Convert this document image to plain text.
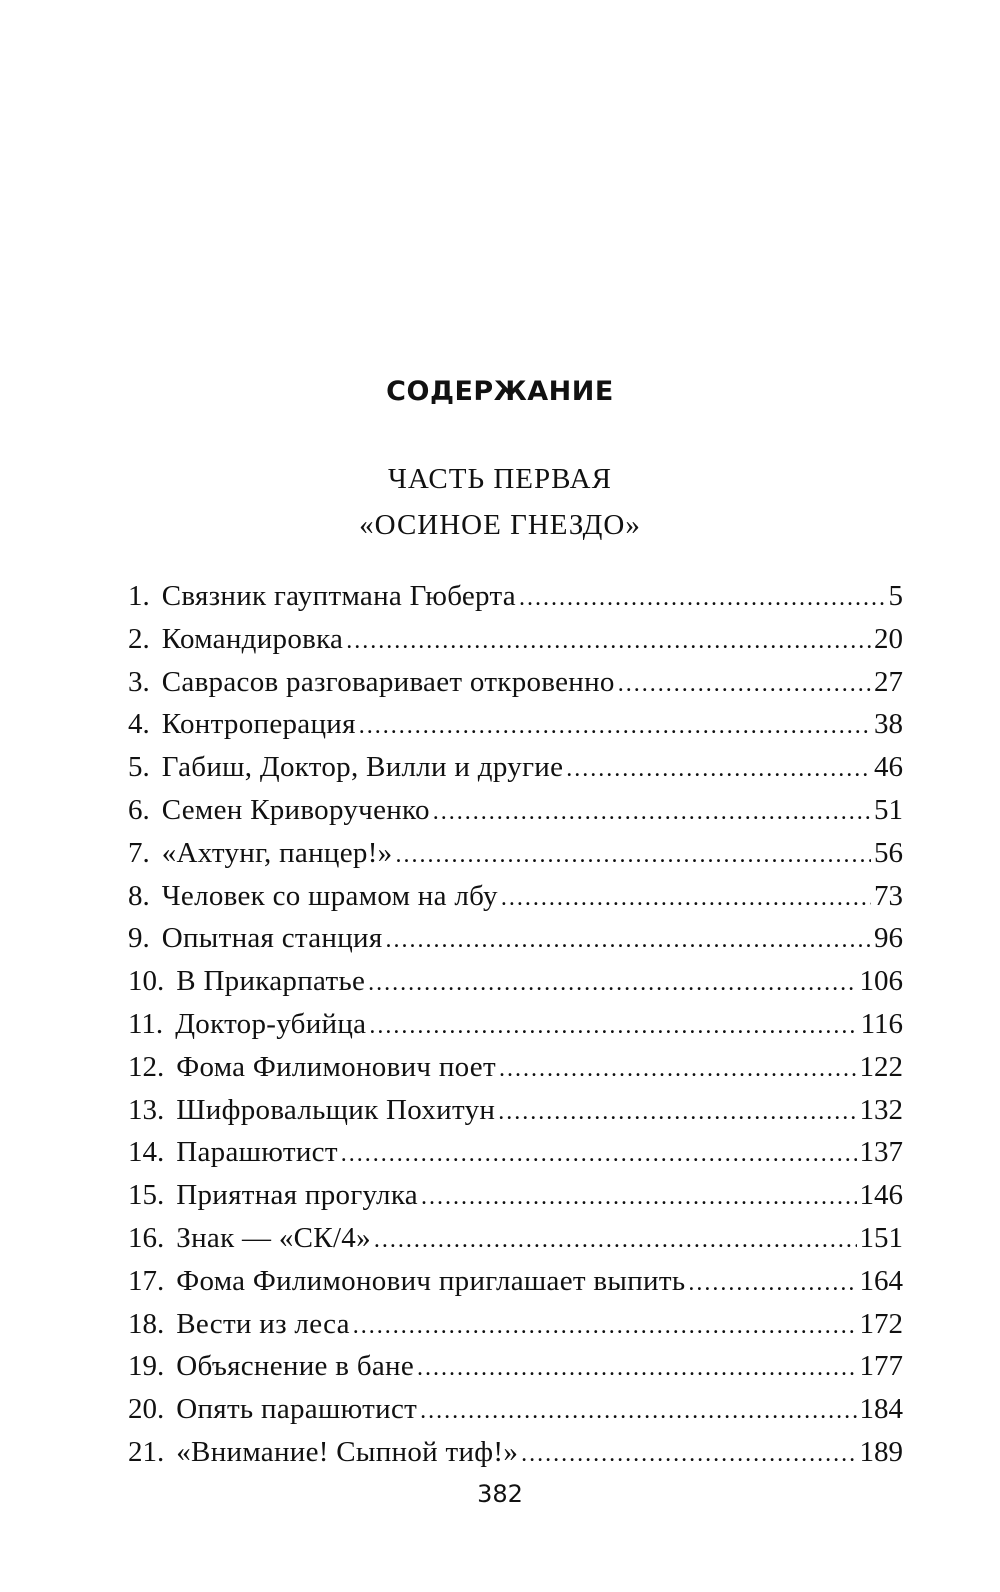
СОДЕРЖАНИЕ
ЧАСТЬ ПЕРВАЯ
«ОСИНОЕ ГНЕЗДО»
1. Связник гауптмана Гюберта .....	5
2. Командировка .....	20
3. Саврасов разговаривает откровенно .....	27
4. Контроперация .....	38
5. Габиш, Доктор, Вилли и другие .....	46
6. Семен Криворученко .....	51
7. «Ахтунг, панцер!» .....	56
8. Человек со шрамом на лбу .....	73
9. Опытная станция .....	96
10. В Прикарпатье .....	106
11. Доктор-убийца .....	116
12. Фома Филимонович поет .....	122
13. Шифровальщик Похитун .....	132
14. Парашютист .....	137
15. Приятная прогулка .....	146
16. Знак — «СК/4» .....	151
17. Фома Филимонович приглашает выпить .....	164
18. Вести из леса .....	172
19. Объяснение в бане .....	177
20. Опять парашютист .....	184
21. «Внимание! Сыпной тиф!» .....	189
382
